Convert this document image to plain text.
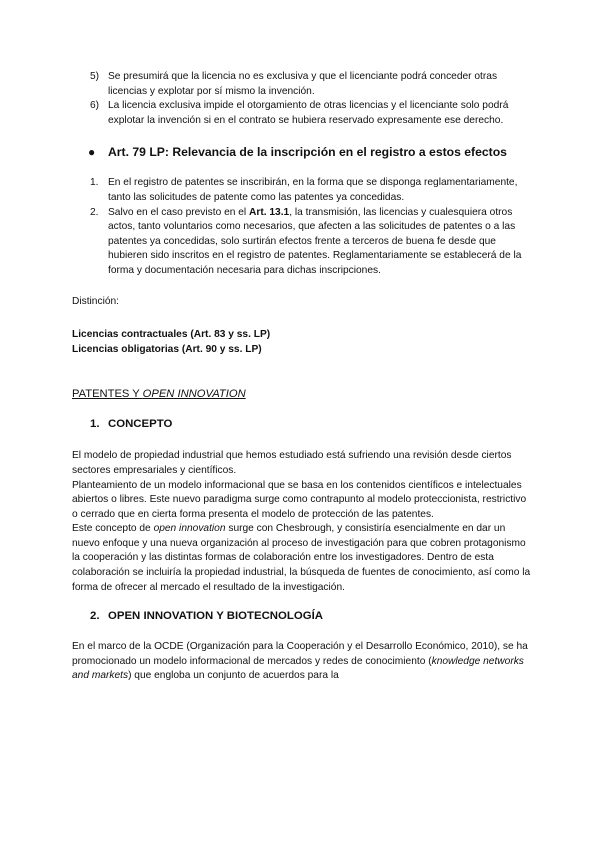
5) Se presumirá que la licencia no es exclusiva y que el licenciante podrá conceder otras licencias y explotar por sí mismo la invención.

6) La licencia exclusiva impide el otorgamiento de otras licencias y el licenciante solo podrá explotar la invención si en el contrato se hubiera reservado expresamente ese derecho.

● Art. 79 LP: Relevancia de la inscripción en el registro a estos efectos
1. En el registro de patentes se inscribirán, en la forma que se disponga reglamentariamente, tanto las solicitudes de patente como las patentes ya concedidas.

2. Salvo en el caso previsto en el Art. 13.1, la transmisión, las licencias y cualesquiera otros actos, tanto voluntarios como necesarios, que afecten a las solicitudes de patentes o a las patentes ya concedidas, solo surtirán efectos frente a terceros de buena fe desde que hubieren sido inscritos en el registro de patentes. Reglamentariamente se establecerá de la forma y documentación necesaria para dichas inscripciones.

Distinción:

Licencias contractuales (Art. 83 y ss. LP)

Licencias obligatorias (Art. 90 y ss. LP)

PATENTES Y OPEN INNOVATION
1. CONCEPTO

El modelo de propiedad industrial que hemos estudiado está sufriendo una revisión desde ciertos sectores empresariales y científicos.

Planteamiento de un modelo informacional que se basa en los contenidos científicos e intelectuales abiertos o libres. Este nuevo paradigma surge como contrapunto al modelo proteccionista, restrictivo o cerrado que en cierta forma presenta el modelo de protección de las patentes.

Este concepto de open innovation surge con Chesbrough, y consistiría esencialmente en dar un nuevo enfoque y una nueva organización al proceso de investigación para que cobren protagonismo la cooperación y las distintas formas de colaboración entre los investigadores. Dentro de esta colaboración se incluiría la propiedad industrial, la búsqueda de fuentes de conocimiento, así como la forma de ofrecer al mercado el resultado de la investigación.

2. OPEN INNOVATION Y BIOTECNOLOGÍA

En el marco de la OCDE (Organización para la Cooperación y el Desarrollo Económico, 2010), se ha promocionado un modelo informacional de mercados y redes de conocimiento (knowledge networks and markets) que engloba un conjunto de acuerdos para la
